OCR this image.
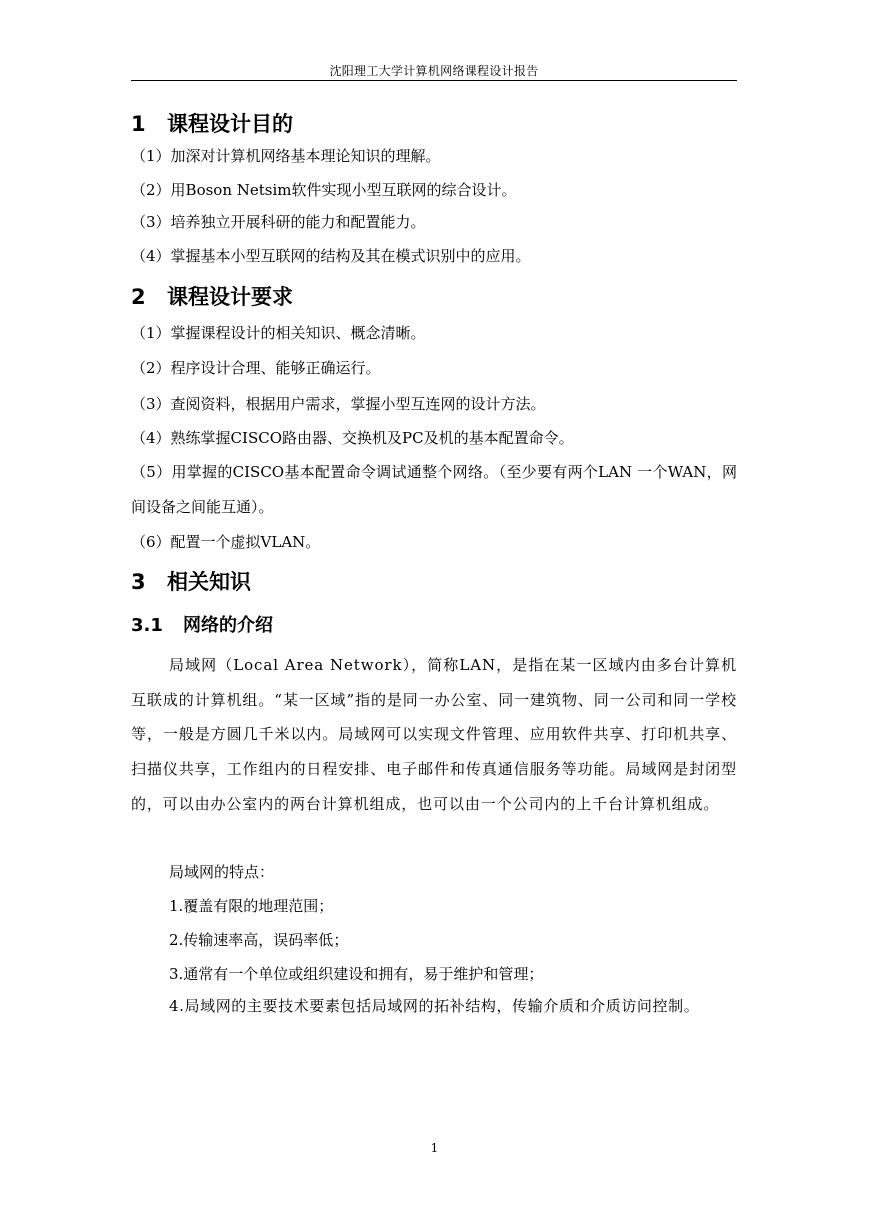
沈阳理工大学计算机网络课程设计报告
1 课程设计目的
（1）加深对计算机网络基本理论知识的理解。
（2）用Boson Netsim软件实现小型互联网的综合设计。
（3）培养独立开展科研的能力和配置能力。
（4）掌握基本小型互联网的结构及其在模式识别中的应用。
2 课程设计要求
（1）掌握课程设计的相关知识、概念清晰。
（2）程序设计合理、能够正确运行。
（3）查阅资料，根据用户需求，掌握小型互连网的设计方法。
（4）熟练掌握CISCO路由器、交换机及PC及机的基本配置命令。
（5）用掌握的CISCO基本配置命令调试通整个网络。（至少要有两个LAN 一个WAN，网间设备之间能互通）。
（6）配置一个虚拟VLAN。
3 相关知识
3.1 网络的介绍
局域网（Local Area Network），简称LAN，是指在某一区域内由多台计算机互联成的计算机组。“某一区域”指的是同一办公室、同一建筑物、同一公司和同一学校等，一般是方圆几千米以内。局域网可以实现文件管理、应用软件共享、打印机共享、扫描仪共享，工作组内的日程安排、电子邮件和传真通信服务等功能。局域网是封闭型的，可以由办公室内的两台计算机组成，也可以由一个公司内的上千台计算机组成。
局域网的特点：
1.覆盖有限的地理范围；
2.传输速率高，误码率低；
3.通常有一个单位或组织建设和拥有，易于维护和管理；
4.局域网的主要技术要素包括局域网的拓补结构，传输介质和介质访问控制。
1
